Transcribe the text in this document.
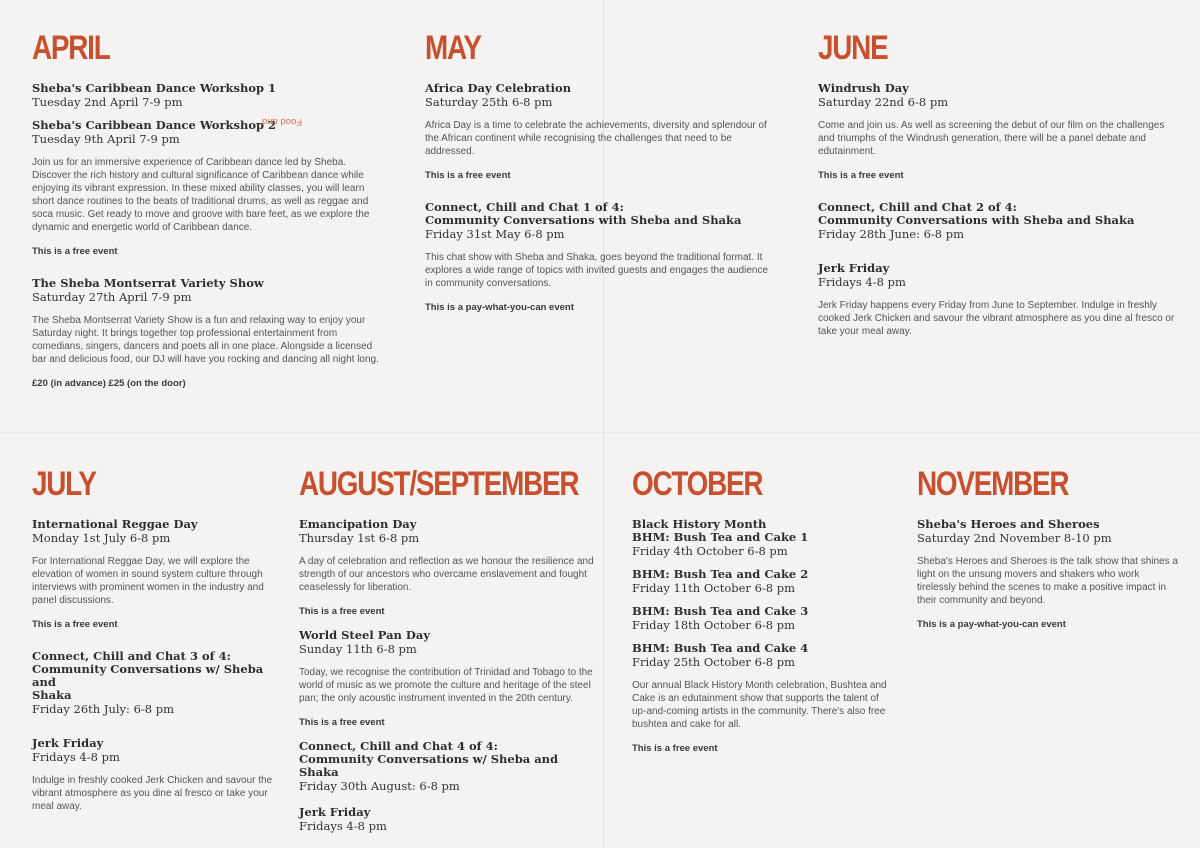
APRIL
Food and
Sheba's Caribbean Dance Workshop 1
Tuesday 2nd April 7-9 pm
Sheba's Caribbean Dance Workshop 2
Tuesday 9th April 7-9 pm
Join us for an immersive experience of Caribbean dance led by Sheba. Discover the rich history and cultural significance of Caribbean dance while enjoying its vibrant expression. In these mixed ability classes, you will learn short dance routines to the beats of traditional drums, as well as reggae and soca music. Get ready to move and groove with bare feet, as we explore the dynamic and energetic world of Caribbean dance.
This is a free event
The Sheba Montserrat Variety Show
Saturday 27th April 7-9 pm
The Sheba Montserrat Variety Show is a fun and relaxing way to enjoy your Saturday night. It brings together top professional entertainment from comedians, singers, dancers and poets all in one place. Alongside a licensed bar and delicious food, our DJ will have you rocking and dancing all night long.
£20 (in advance) £25 (on the door)
MAY
Africa Day Celebration
Saturday 25th 6-8 pm
Africa Day is a time to celebrate the achievements, diversity and splendour of the African continent while recognising the challenges that need to be addressed.
This is a free event
Connect, Chill and Chat 1 of 4:
Community Conversations with Sheba and Shaka
Friday 31st May 6-8 pm
This chat show with Sheba and Shaka, goes beyond the traditional format. It explores a wide range of topics with invited guests and engages the audience in community conversations.
This is a pay-what-you-can event
JUNE
Windrush Day
Saturday 22nd 6-8 pm
Come and join us. As well as screening the debut of our film on the challenges and triumphs of the Windrush generation, there will be a panel debate and edutainment.
This is a free event
Connect, Chill and Chat 2 of 4:
Community Conversations with Sheba and Shaka
Friday 28th June: 6-8 pm
Jerk Friday
Fridays 4-8 pm
Jerk Friday happens every Friday from June to September. Indulge in freshly cooked Jerk Chicken and savour the vibrant atmosphere as you dine al fresco or take your meal away.
JULY
International Reggae Day
Monday 1st July 6-8 pm
For International Reggae Day, we will explore the elevation of women in sound system culture through interviews with prominent women in the industry and panel discussions.
This is a free event
Connect, Chill and Chat 3 of 4:
Community Conversations w/ Sheba and
Shaka
Friday 26th July: 6-8 pm
Jerk Friday
Fridays 4-8 pm
Indulge in freshly cooked Jerk Chicken and savour the vibrant atmosphere as you dine al fresco or take your meal away.
AUGUST/SEPTEMBER
Emancipation Day
Thursday 1st 6-8 pm
A day of celebration and reflection as we honour the resilience and strength of our ancestors who overcame enslavement and fought ceaselessly for liberation.
This is a free event
World Steel Pan Day
Sunday 11th 6-8 pm
Today, we recognise the contribution of Trinidad and Tobago to the world of music as we promote the culture and heritage of the steel pan; the only acoustic instrument invented in the 20th century.
This is a free event
Connect, Chill and Chat 4 of 4:
Community Conversations w/ Sheba and Shaka
Friday 30th August: 6-8 pm
Jerk Friday
Fridays 4-8 pm
OCTOBER
Black History Month
BHM: Bush Tea and Cake 1
Friday 4th October 6-8 pm
BHM: Bush Tea and Cake 2
Friday 11th October 6-8 pm
BHM: Bush Tea and Cake 3
Friday 18th October 6-8 pm
BHM: Bush Tea and Cake 4
Friday 25th October 6-8 pm
Our annual Black History Month celebration, Bushtea and Cake is an edutainment show that supports the talent of up-and-coming artists in the community. There's also free bushtea and cake for all.
This is a free event
NOVEMBER
Sheba's Heroes and Sheroes
Saturday 2nd November 8-10 pm
Sheba's Heroes and Sheroes is the talk show that shines a light on the unsung movers and shakers who work tirelessly behind the scenes to make a positive impact in their community and beyond.
This is a pay-what-you-can event
